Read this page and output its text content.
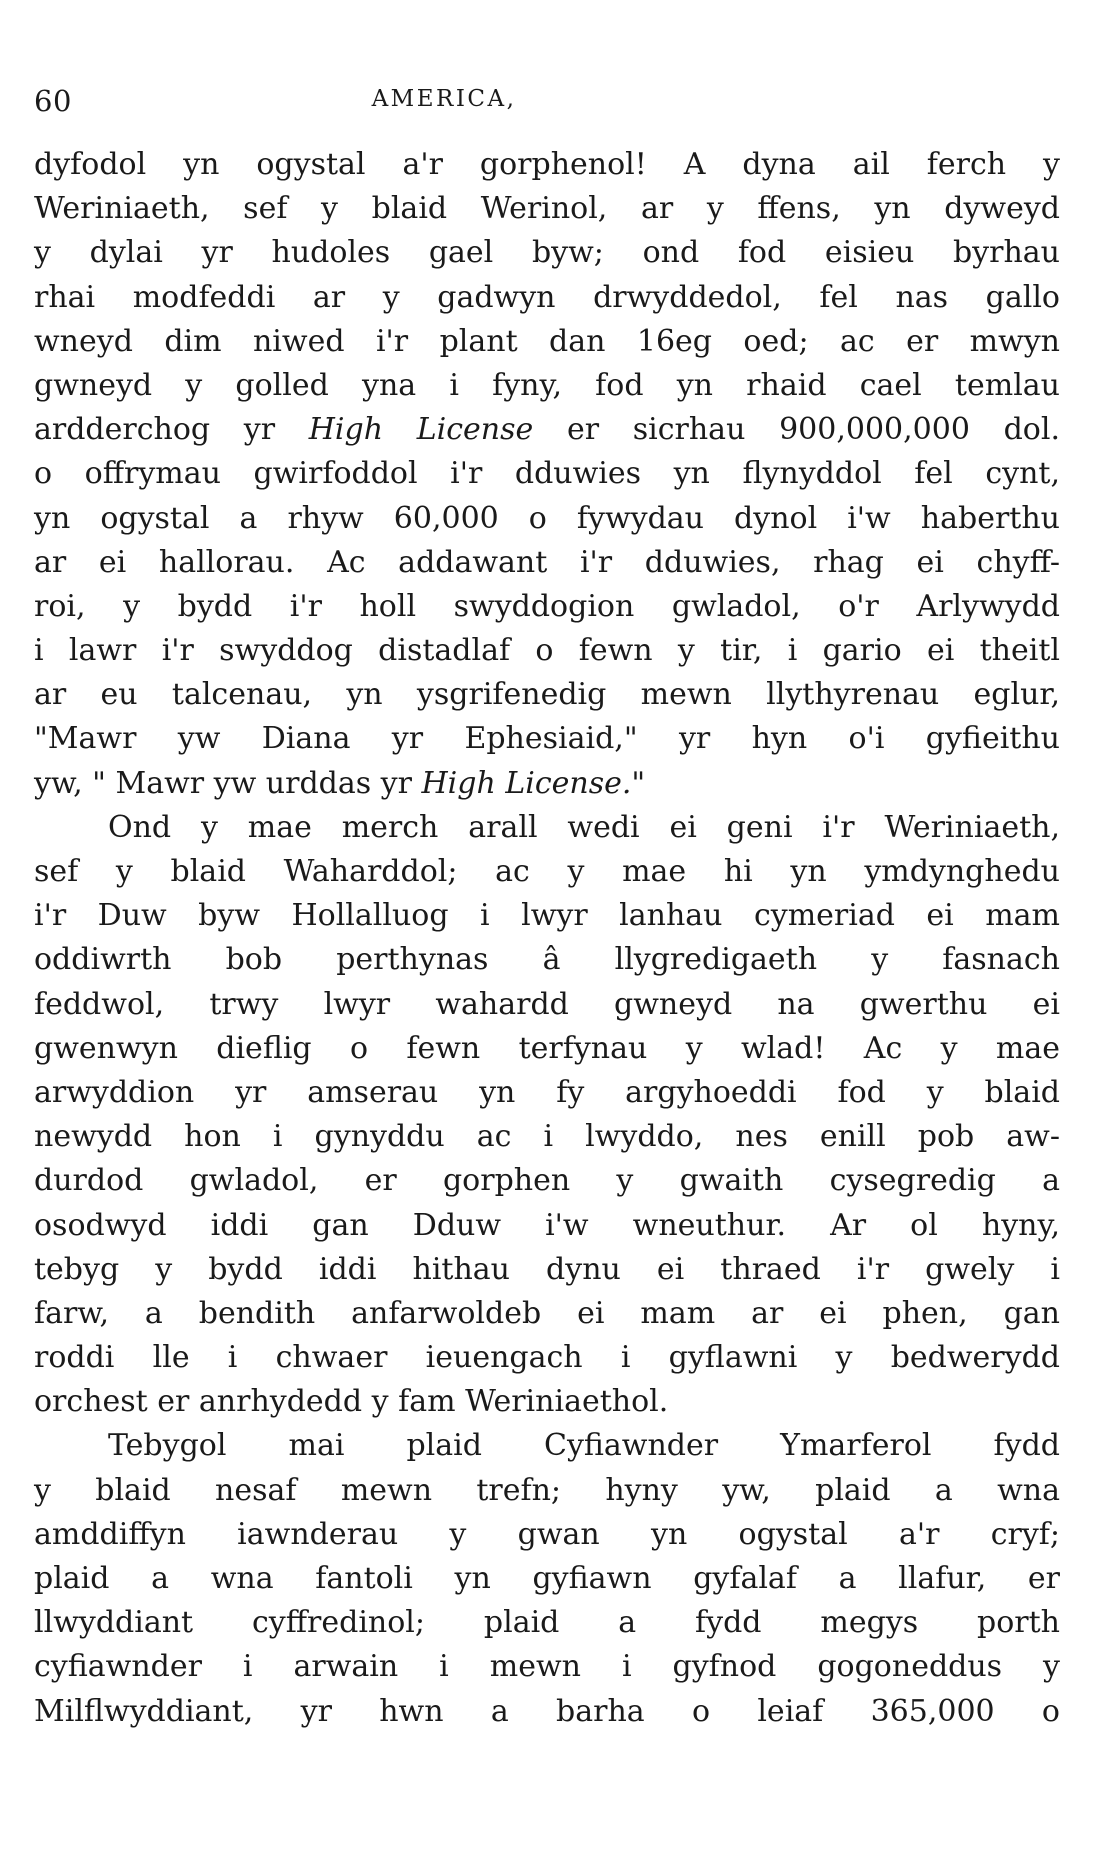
60	AMERICA,
dyfodol yn ogystal a'r gorphenol! A dyna ail ferch y
Weriniaeth, sef y blaid Werinol, ar y ffens, yn dyweyd
y dylai yr hudoles gael byw; ond fod eisieu byrhau
rhai modfeddi ar y gadwyn drwyddedol, fel nas gallo
wneyd dim niwed i'r plant dan 16eg oed; ac er mwyn
gwneyd y golled yna i fyny, fod yn rhaid cael temlau
ardderchog yr High License er sicrhau 900,000,000 dol.
o offrymau gwirfoddol i'r dduwies yn flynyddol fel cynt,
yn ogystal a rhyw 60,000 o fywydau dynol i'w haberthu
ar ei hallorau. Ac addawant i'r dduwies, rhag ei chyff-
roi, y bydd i'r holl swyddogion gwladol, o'r Arlywydd
i lawr i'r swyddog distadlaf o fewn y tir, i gario ei theitl
ar eu talcenau, yn ysgrifenedig mewn llythyrenau eglur,
"Mawr yw Diana yr Ephesiaid," yr hyn o'i gyfieithu
yw, " Mawr yw urddas yr High License."
Ond y mae merch arall wedi ei geni i'r Weriniaeth,
sef y blaid Waharddol; ac y mae hi yn ymdynghedu
i'r Duw byw Hollalluog i lwyr lanhau cymeriad ei mam
oddiwrth bob perthynas â llygredigaeth y fasnach
feddwol, trwy lwyr wahardd gwneyd na gwerthu ei
gwenwyn dieflig o fewn terfynau y wlad! Ac y mae
arwyddion yr amserau yn fy argyhoeddi fod y blaid
newydd hon i gynyddu ac i lwyddo, nes enill pob aw-
durdod gwladol, er gorphen y gwaith cysegredig a
osodwyd iddi gan Dduw i'w wneuthur. Ar ol hyny,
tebyg y bydd iddi hithau dynu ei thraed i'r gwely i
farw, a bendith anfarwoldeb ei mam ar ei phen, gan
roddi lle i chwaer ieuengach i gyflawni y bedwerydd
orchest er anrhydedd y fam Weriniaethol.
Tebygol mai plaid Cyfiawnder Ymarferol fydd
y blaid nesaf mewn trefn; hyny yw, plaid a wna
amddiffyn iawnderau y gwan yn ogystal a'r cryf;
plaid a wna fantoli yn gyfiawn gyfalaf a llafur, er
llwyddiant cyffredinol; plaid a fydd megys porth
cyfiawnder i arwain i mewn i gyfnod gogoneddus y
Milflwyddiant, yr hwn a barha o leiaf 365,000 o
